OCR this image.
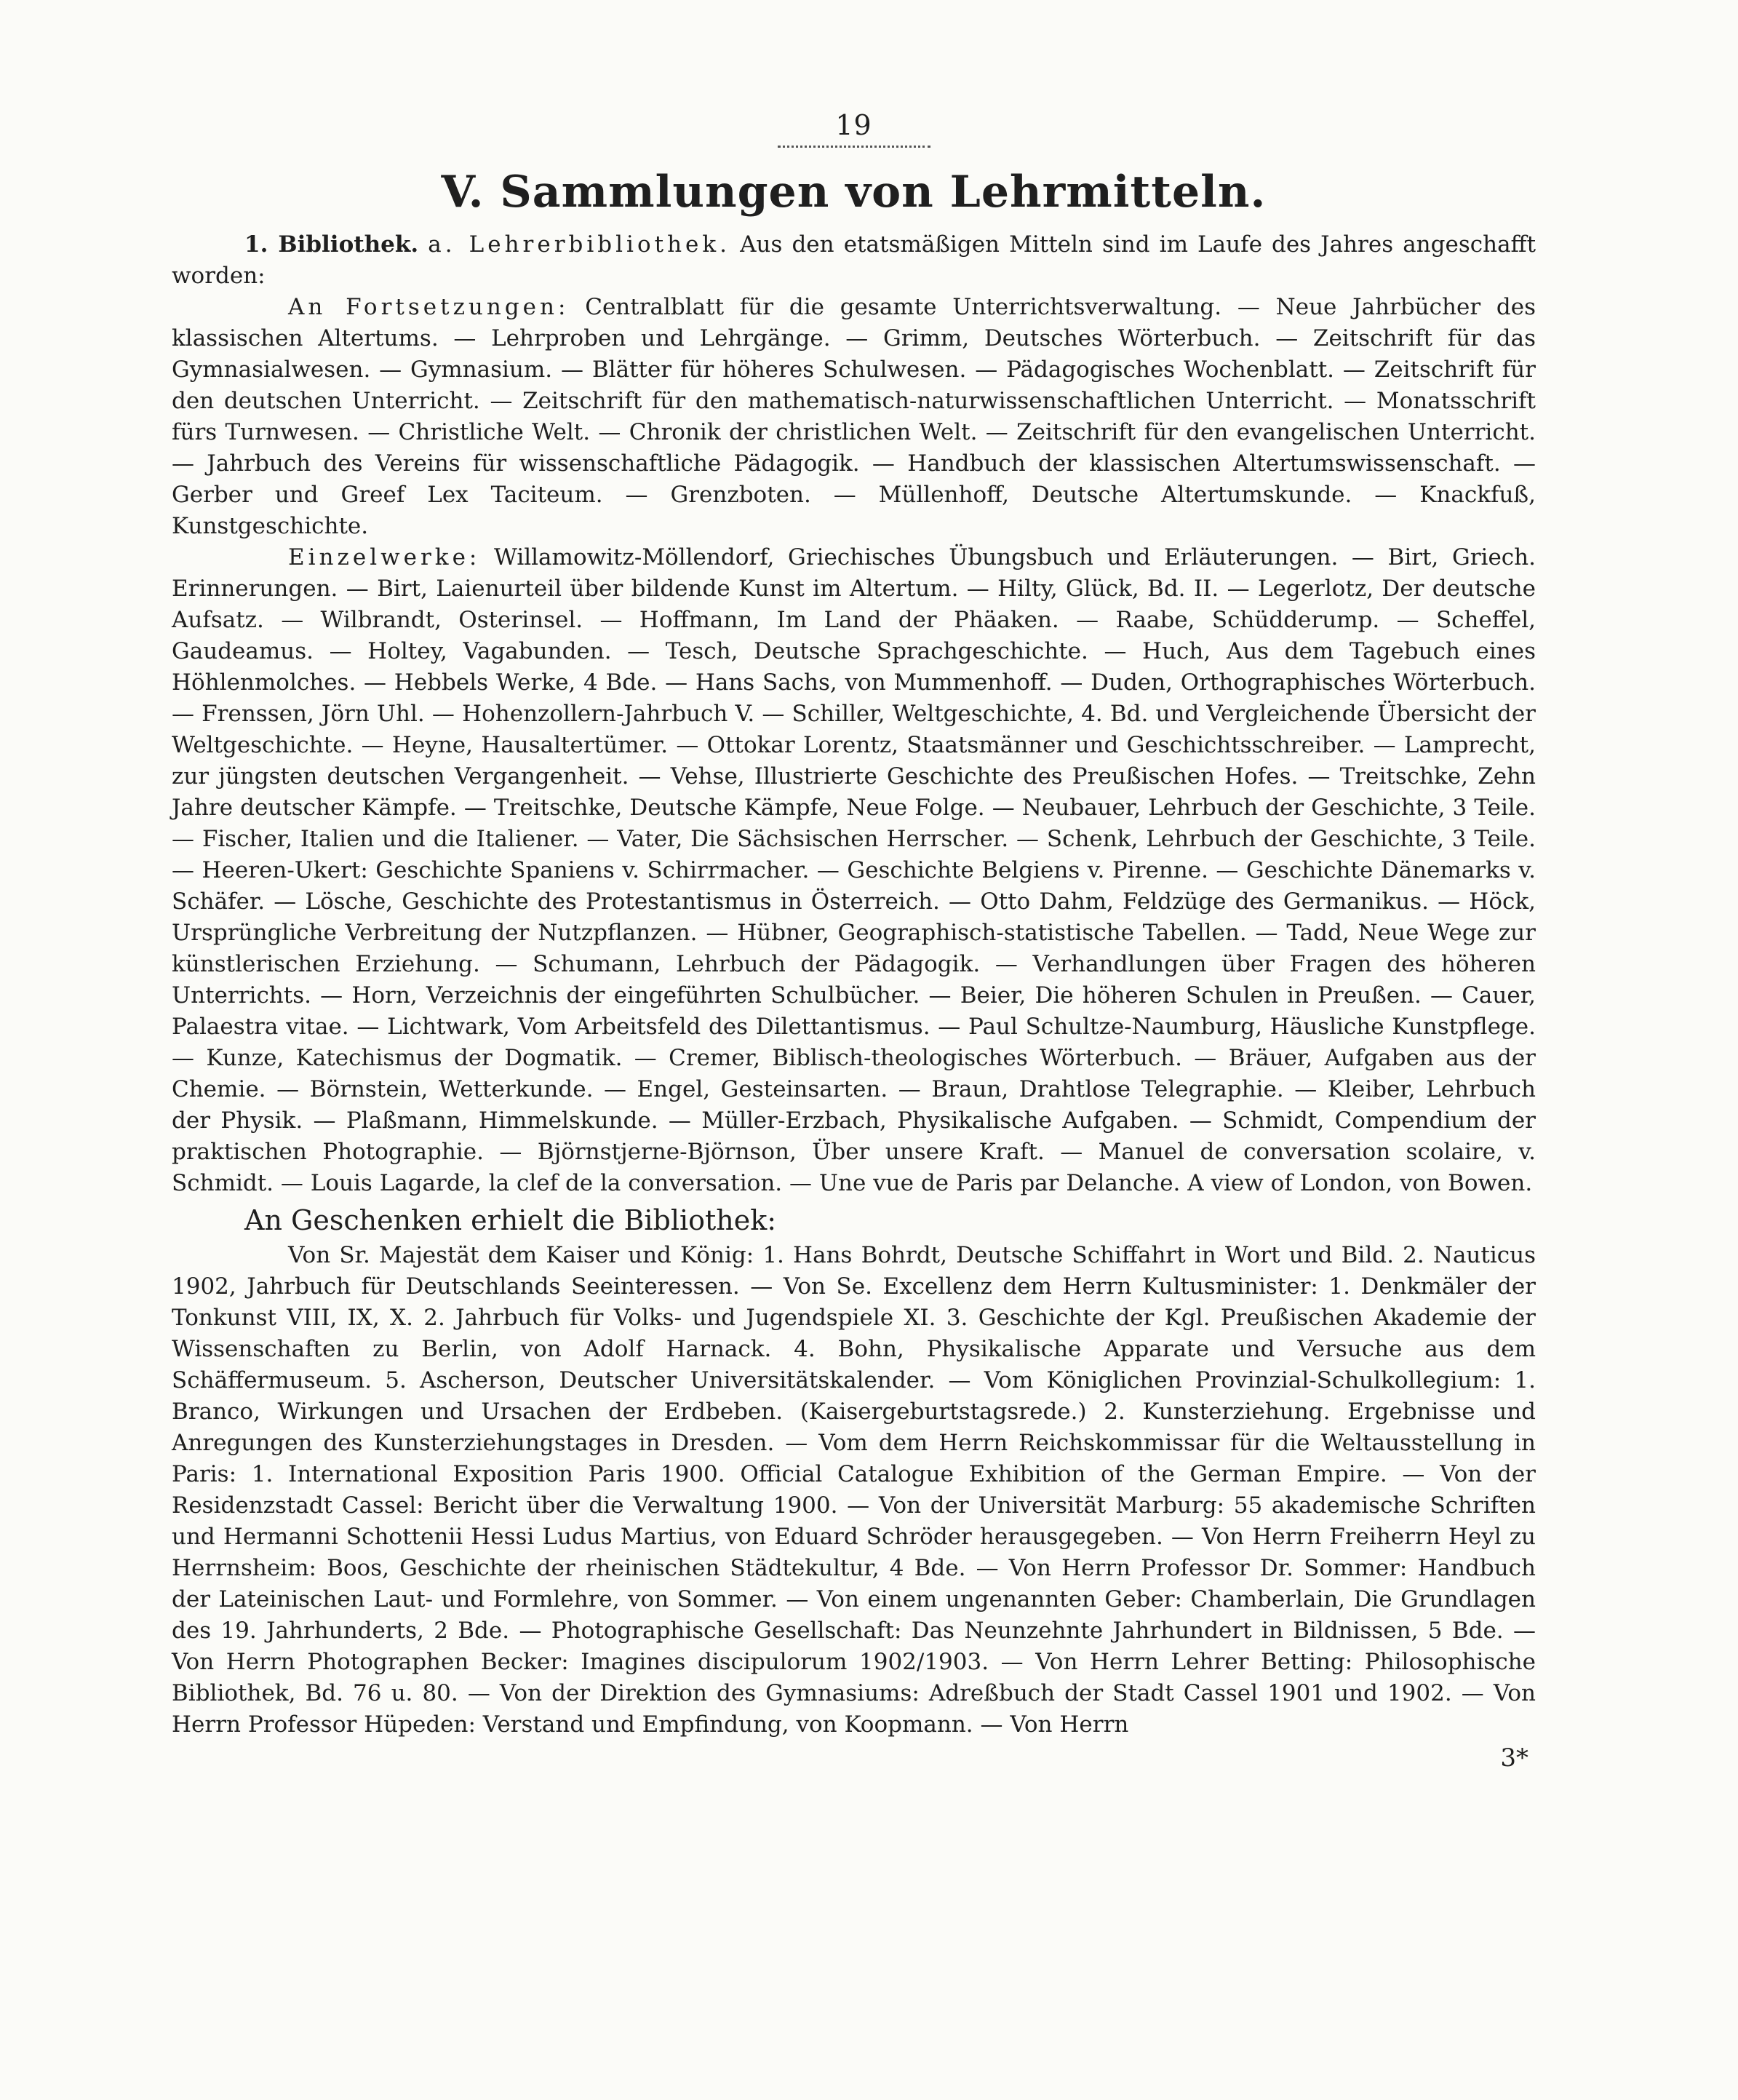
19
V. Sammlungen von Lehrmitteln.

1. Bibliothek. a. Lehrerbibliothek. Aus den etatsmäßigen Mitteln sind im Laufe des Jahres angeschafft worden:

An Fortsetzungen: Centralblatt für die gesamte Unterrichtsverwaltung. — Neue Jahrbücher des klassischen Altertums. — Lehrproben und Lehrgänge. — Grimm, Deutsches Wörterbuch. — Zeitschrift für das Gymnasialwesen. — Gymnasium. — Blätter für höheres Schulwesen. — Pädagogisches Wochenblatt. — Zeitschrift für den deutschen Unterricht. — Zeitschrift für den mathematisch-naturwissenschaftlichen Unterricht. — Monatsschrift fürs Turnwesen. — Christliche Welt. — Chronik der christlichen Welt. — Zeitschrift für den evangelischen Unterricht. — Jahrbuch des Vereins für wissenschaftliche Pädagogik. — Handbuch der klassischen Altertumswissenschaft. — Gerber und Greef Lex Taciteum. — Grenzboten. — Müllenhoff, Deutsche Altertumskunde. — Knackfuß, Kunstgeschichte.

Einzelwerke: Willamowitz-Möllendorf, Griechisches Übungsbuch und Erläuterungen. — Birt, Griech. Erinnerungen. — Birt, Laienurteil über bildende Kunst im Altertum. — Hilty, Glück, Bd. II. — Legerlotz, Der deutsche Aufsatz. — Wilbrandt, Osterinsel. — Hoffmann, Im Land der Phäaken. — Raabe, Schüdderump. — Scheffel, Gaudeamus. — Holtey, Vagabunden. — Tesch, Deutsche Sprachgeschichte. — Huch, Aus dem Tagebuch eines Höhlenmolches. — Hebbels Werke, 4 Bde. — Hans Sachs, von Mummenhoff. — Duden, Orthographisches Wörterbuch. — Frenssen, Jörn Uhl. — Hohenzollern-Jahrbuch V. — Schiller, Weltgeschichte, 4. Bd. und Vergleichende Übersicht der Weltgeschichte. — Heyne, Hausaltertümer. — Ottokar Lorentz, Staatsmänner und Geschichtsschreiber. — Lamprecht, zur jüngsten deutschen Vergangenheit. — Vehse, Illustrierte Geschichte des Preußischen Hofes. — Treitschke, Zehn Jahre deutscher Kämpfe. — Treitschke, Deutsche Kämpfe, Neue Folge. — Neubauer, Lehrbuch der Geschichte, 3 Teile. — Fischer, Italien und die Italiener. — Vater, Die Sächsischen Herrscher. — Schenk, Lehrbuch der Geschichte, 3 Teile. — Heeren-Ukert: Geschichte Spaniens v. Schirrmacher. — Geschichte Belgiens v. Pirenne. — Geschichte Dänemarks v. Schäfer. — Lösche, Geschichte des Protestantismus in Österreich. — Otto Dahm, Feldzüge des Germanikus. — Höck, Ursprüngliche Verbreitung der Nutzpflanzen. — Hübner, Geographisch-statistische Tabellen. — Tadd, Neue Wege zur künstlerischen Erziehung. — Schumann, Lehrbuch der Pädagogik. — Verhandlungen über Fragen des höheren Unterrichts. — Horn, Verzeichnis der eingeführten Schulbücher. — Beier, Die höheren Schulen in Preußen. — Cauer, Palaestra vitae. — Lichtwark, Vom Arbeitsfeld des Dilettantismus. — Paul Schultze-Naumburg, Häusliche Kunstpflege. — Kunze, Katechismus der Dogmatik. — Cremer, Biblisch-theologisches Wörterbuch. — Bräuer, Aufgaben aus der Chemie. — Börnstein, Wetterkunde. — Engel, Gesteinsarten. — Braun, Drahtlose Telegraphie. — Kleiber, Lehrbuch der Physik. — Plaßmann, Himmelskunde. — Müller-Erzbach, Physikalische Aufgaben. — Schmidt, Compendium der praktischen Photographie. — Björnstjerne-Björnson, Über unsere Kraft. — Manuel de conversation scolaire, v. Schmidt. — Louis Lagarde, la clef de la conversation. — Une vue de Paris par Delanche. A view of London, von Bowen.

An Geschenken erhielt die Bibliothek:

Von Sr. Majestät dem Kaiser und König: 1. Hans Bohrdt, Deutsche Schiffahrt in Wort und Bild. 2. Nauticus 1902, Jahrbuch für Deutschlands Seeinteressen. — Von Se. Excellenz dem Herrn Kultusminister: 1. Denkmäler der Tonkunst VIII, IX, X. 2. Jahrbuch für Volks- und Jugendspiele XI. 3. Geschichte der Kgl. Preußischen Akademie der Wissenschaften zu Berlin, von Adolf Harnack. 4. Bohn, Physikalische Apparate und Versuche aus dem Schäffermuseum. 5. Ascherson, Deutscher Universitätskalender. — Vom Königlichen Provinzial-Schulkollegium: 1. Branco, Wirkungen und Ursachen der Erdbeben. (Kaisergeburtstagsrede.) 2. Kunsterziehung. Ergebnisse und Anregungen des Kunsterziehungstages in Dresden. — Vom dem Herrn Reichskommissar für die Weltausstellung in Paris: 1. International Exposition Paris 1900. Official Catalogue Exhibition of the German Empire. — Von der Residenzstadt Cassel: Bericht über die Verwaltung 1900. — Von der Universität Marburg: 55 akademische Schriften und Hermanni Schottenii Hessi Ludus Martius, von Eduard Schröder herausgegeben. — Von Herrn Freiherrn Heyl zu Herrnsheim: Boos, Geschichte der rheinischen Städtekultur, 4 Bde. — Von Herrn Professor Dr. Sommer: Handbuch der Lateinischen Laut- und Formlehre, von Sommer. — Von einem ungenannten Geber: Chamberlain, Die Grundlagen des 19. Jahrhunderts, 2 Bde. — Photographische Gesellschaft: Das Neunzehnte Jahrhundert in Bildnissen, 5 Bde. — Von Herrn Photographen Becker: Imagines discipulorum 1902/1903. — Von Herrn Lehrer Betting: Philosophische Bibliothek, Bd. 76 u. 80. — Von der Direktion des Gymnasiums: Adreßbuch der Stadt Cassel 1901 und 1902. — Von Herrn Professor Hüpeden: Verstand und Empfindung, von Koopmann. — Von Herrn

3*
